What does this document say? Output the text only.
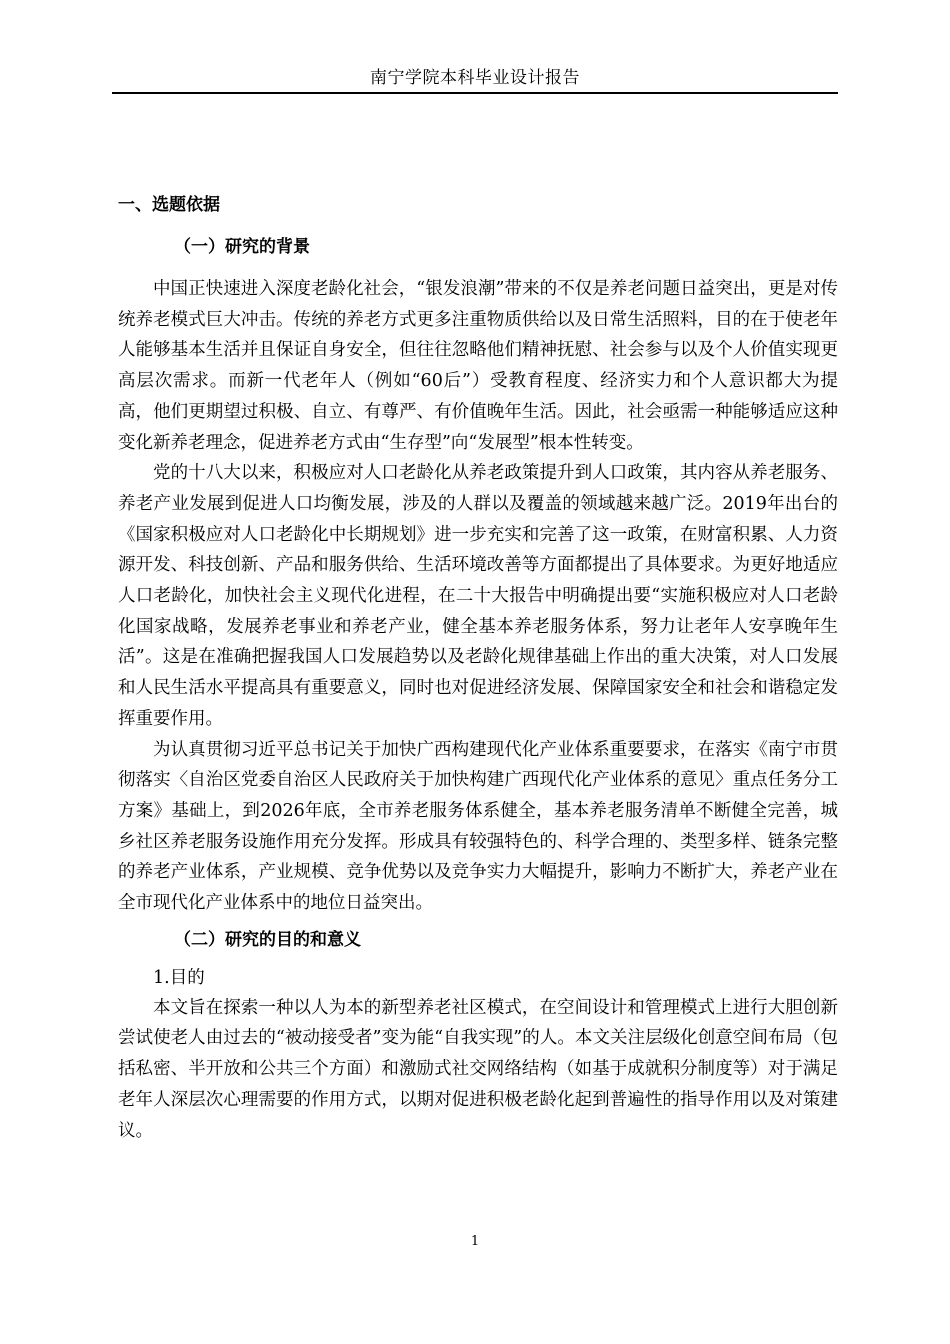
南宁学院本科毕业设计报告
一、选题依据
（一）研究的背景

中国正快速进入深度老龄化社会，“银发浪潮”带来的不仅是养老问题日益突出，更是对传统养老模式巨大冲击。传统的养老方式更多注重物质供给以及日常生活照料，目的在于使老年人能够基本生活并且保证自身安全，但往往忽略他们精神抚慰、社会参与以及个人价值实现更高层次需求。而新一代老年人（例如“60后”）受教育程度、经济实力和个人意识都大为提高，他们更期望过积极、自立、有尊严、有价值晚年生活。因此，社会亟需一种能够适应这种变化新养老理念，促进养老方式由“生存型”向“发展型”根本性转变。

党的十八大以来，积极应对人口老龄化从养老政策提升到人口政策，其内容从养老服务、养老产业发展到促进人口均衡发展，涉及的人群以及覆盖的领域越来越广泛。2019年出台的《国家积极应对人口老龄化中长期规划》进一步充实和完善了这一政策，在财富积累、人力资源开发、科技创新、产品和服务供给、生活环境改善等方面都提出了具体要求。为更好地适应人口老龄化，加快社会主义现代化进程，在二十大报告中明确提出要“实施积极应对人口老龄化国家战略，发展养老事业和养老产业，健全基本养老服务体系，努力让老年人安享晚年生活”。这是在准确把握我国人口发展趋势以及老龄化规律基础上作出的重大决策，对人口发展和人民生活水平提高具有重要意义，同时也对促进经济发展、保障国家安全和社会和谐稳定发挥重要作用。

为认真贯彻习近平总书记关于加快广西构建现代化产业体系重要要求，在落实《南宁市贯彻落实〈自治区党委自治区人民政府关于加快构建广西现代化产业体系的意见〉重点任务分工方案》基础上，到2026年底，全市养老服务体系健全，基本养老服务清单不断健全完善，城乡社区养老服务设施作用充分发挥。形成具有较强特色的、科学合理的、类型多样、链条完整的养老产业体系，产业规模、竞争优势以及竞争实力大幅提升，影响力不断扩大，养老产业在全市现代化产业体系中的地位日益突出。

（二）研究的目的和意义

1.目的

本文旨在探索一种以人为本的新型养老社区模式，在空间设计和管理模式上进行大胆创新尝试使老人由过去的“被动接受者”变为能“自我实现”的人。本文关注层级化创意空间布局（包括私密、半开放和公共三个方面）和激励式社交网络结构（如基于成就积分制度等）对于满足老年人深层次心理需要的作用方式，以期对促进积极老龄化起到普遍性的指导作用以及对策建议。

1
